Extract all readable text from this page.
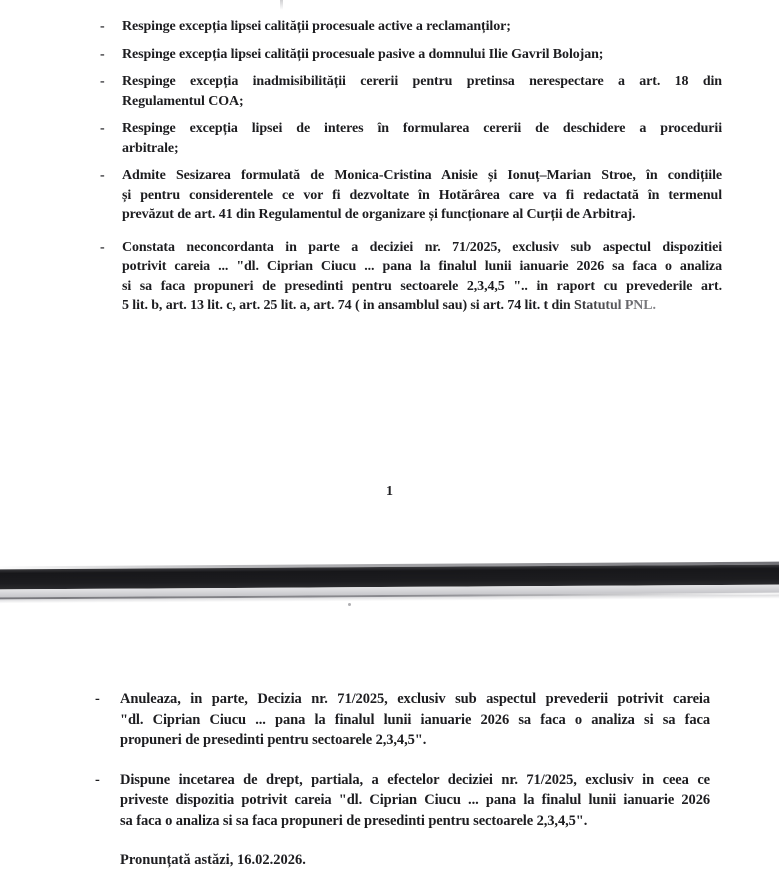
-	Respinge excepția lipsei calității procesuale active a reclamanților;
-	Respinge excepția lipsei calității procesuale pasive a domnului Ilie Gavril Bolojan;
-	Respinge excepția inadmisibilității cererii pentru pretinsa nerespectare a art. 18 din
Regulamentul COA;
-	Respinge excepția lipsei de interes în formularea cererii de deschidere a procedurii
arbitrale;
-	Admite Sesizarea formulată de Monica-Cristina Anisie și Ionuț–Marian Stroe, în condițiile
și pentru considerentele ce vor fi dezvoltate în Hotărârea care va fi redactată în termenul
prevăzut de art. 41 din Regulamentul de organizare și funcționare al Curții de Arbitraj.
-	Constata neconcordanta in parte a deciziei nr. 71/2025, exclusiv sub aspectul dispozitiei
potrivit careia ... "dl. Ciprian Ciucu ... pana la finalul lunii ianuarie 2026 sa faca o analiza
si sa faca propuneri de presedinti pentru sectoarele 2,3,4,5 ".. in raport cu prevederile art.
5 lit. b, art. 13 lit. c, art. 25 lit. a, art. 74 ( in ansamblul sau) si art. 74 lit. t din Statutul PNL.
1
-	Anuleaza, in parte, Decizia nr. 71/2025, exclusiv sub aspectul prevederii potrivit careia
"dl. Ciprian Ciucu ... pana la finalul lunii ianuarie 2026 sa faca o analiza si sa faca
propuneri de presedinti pentru sectoarele 2,3,4,5".
-	Dispune incetarea de drept, partiala, a efectelor deciziei nr. 71/2025, exclusiv in ceea ce
priveste dispozitia potrivit careia "dl. Ciprian Ciucu ... pana la finalul lunii ianuarie 2026
sa faca o analiza si sa faca propuneri de presedinti pentru sectoarele 2,3,4,5".
Pronunțată astăzi, 16.02.2026.
